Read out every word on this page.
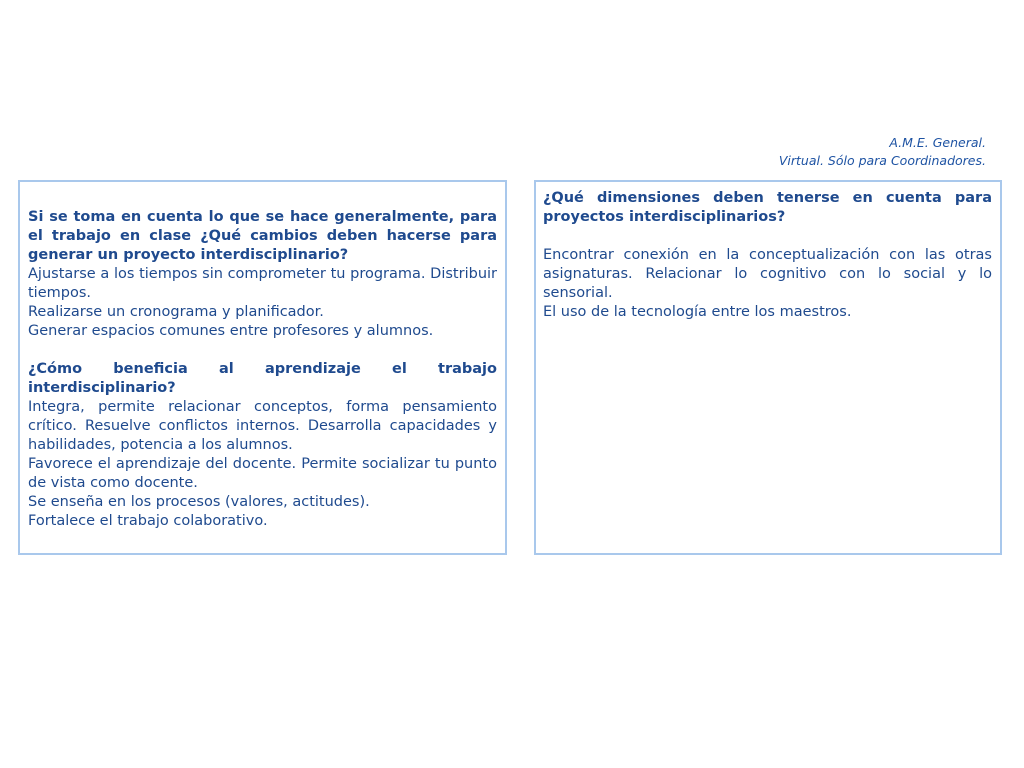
A.M.E. General.
Virtual. Sólo para Coordinadores.

Si se toma en cuenta lo que se hace generalmente, para el trabajo en clase ¿Qué cambios deben hacerse para generar un proyecto interdisciplinario?

Ajustarse a los tiempos sin comprometer tu programa. Distribuir tiempos.

Realizarse un cronograma y planificador.

Generar espacios comunes entre profesores y alumnos.

¿Cómo beneficia al aprendizaje el trabajo interdisciplinario?

Integra, permite relacionar conceptos, forma pensamiento crítico. Resuelve conflictos internos. Desarrolla capacidades y habilidades, potencia a los alumnos.

Favorece el aprendizaje del docente. Permite socializar tu punto de vista como docente.

Se enseña en los procesos (valores, actitudes).

Fortalece el trabajo colaborativo.

¿Qué dimensiones deben tenerse en cuenta para proyectos interdisciplinarios?

Encontrar conexión en la conceptualización con las otras asignaturas. Relacionar lo cognitivo con lo social y lo sensorial.

El uso de la tecnología entre los maestros.
